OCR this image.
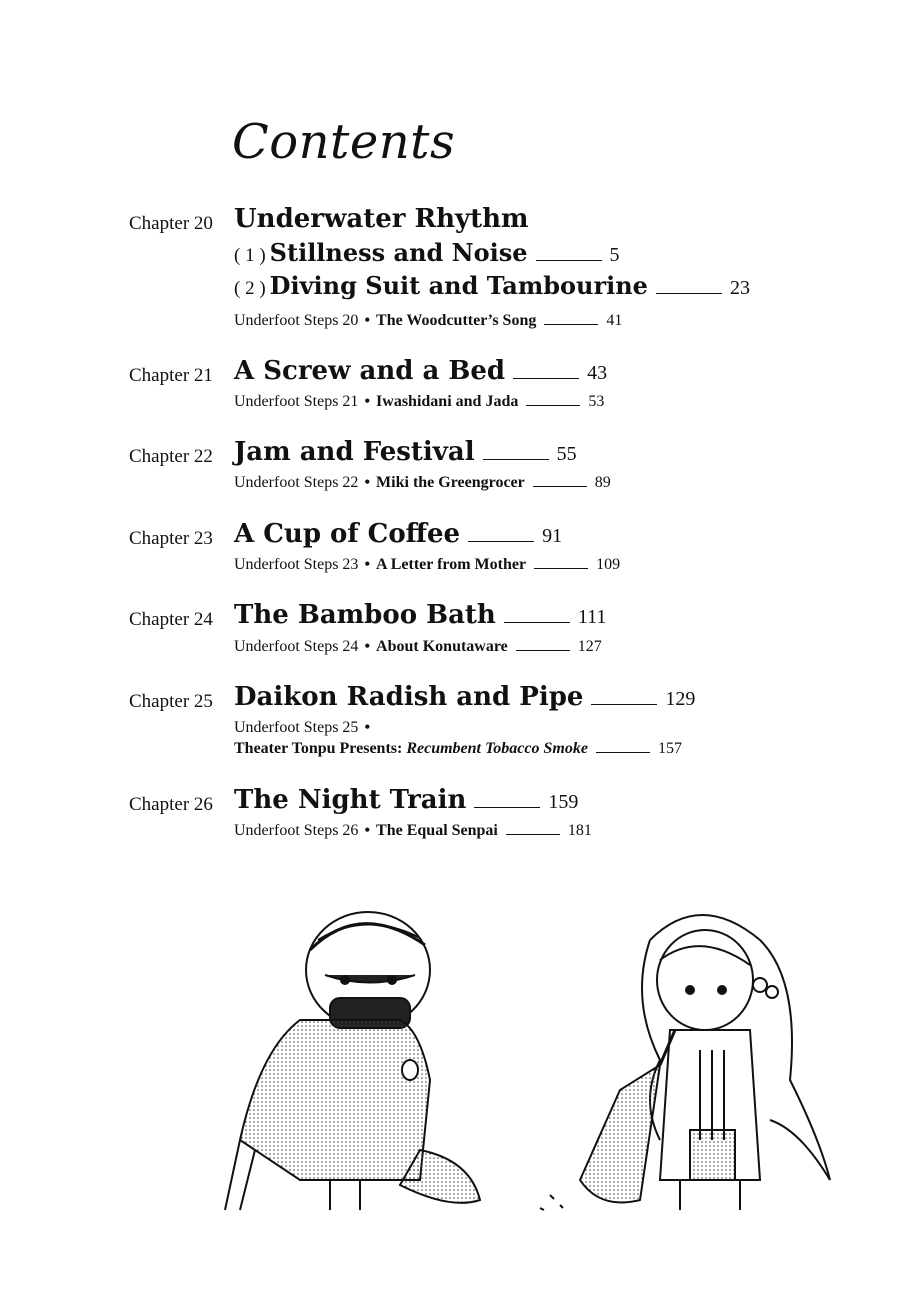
Contents
Chapter 20 Underwater Rhythm
( 1 ) Stillness and Noise	5
( 2 ) Diving Suit and Tambourine	23
Underfoot Steps 20 • The Woodcutter’s Song	41
Chapter 21 A Screw and a Bed	43
Underfoot Steps 21 • Iwashidani and Jada	53
Chapter 22 Jam and Festival	55
Underfoot Steps 22 • Miki the Greengrocer	89
Chapter 23 A Cup of Coffee	91
Underfoot Steps 23 • A Letter from Mother	109
Chapter 24 The Bamboo Bath	111
Underfoot Steps 24 • About Konutaware	127
Chapter 25 Daikon Radish and Pipe	129
Underfoot Steps 25 •
Theater Tonpu Presents: Recumbent Tobacco Smoke	157
Chapter 26 The Night Train	159
Underfoot Steps 26 • The Equal Senpai	181
